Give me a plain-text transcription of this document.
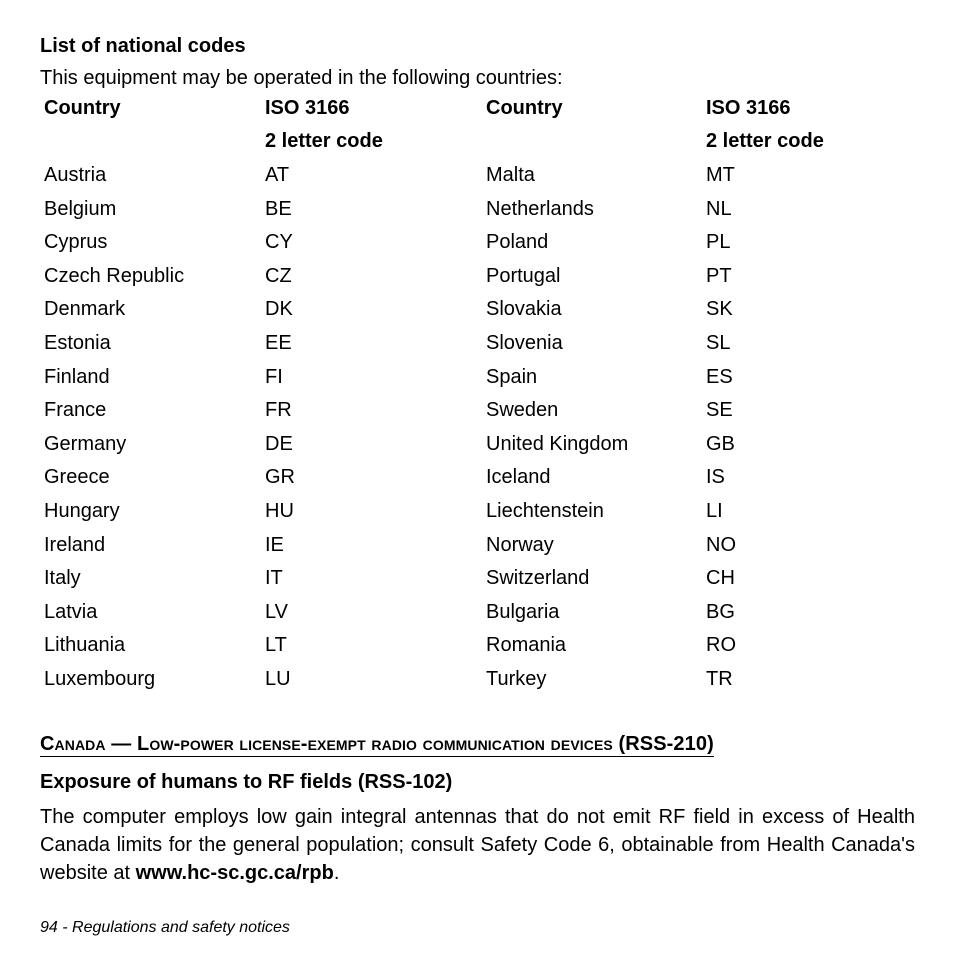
List of national codes

This equipment may be operated in the following countries:

Country	ISO 3166	Country	ISO 3166
	2 letter code		2 letter code
Austria	AT	Malta	MT
Belgium	BE	Netherlands	NL
Cyprus	CY	Poland	PL
Czech Republic	CZ	Portugal	PT
Denmark	DK	Slovakia	SK
Estonia	EE	Slovenia	SL
Finland	FI	Spain	ES
France	FR	Sweden	SE
Germany	DE	United Kingdom	GB
Greece	GR	Iceland	IS
Hungary	HU	Liechtenstein	LI
Ireland	IE	Norway	NO
Italy	IT	Switzerland	CH
Latvia	LV	Bulgaria	BG
Lithuania	LT	Romania	RO
Luxembourg	LU	Turkey	TR
Canada — Low-power license-exempt radio communication devices (RSS-210)
Exposure of humans to RF fields (RSS-102)
The computer employs low gain integral antennas that do not emit RF field in excess of Health Canada limits for the general population; consult Safety Code 6, obtainable from Health Canada's website at www.hc-sc.gc.ca/rpb.
94 - Regulations and safety notices
